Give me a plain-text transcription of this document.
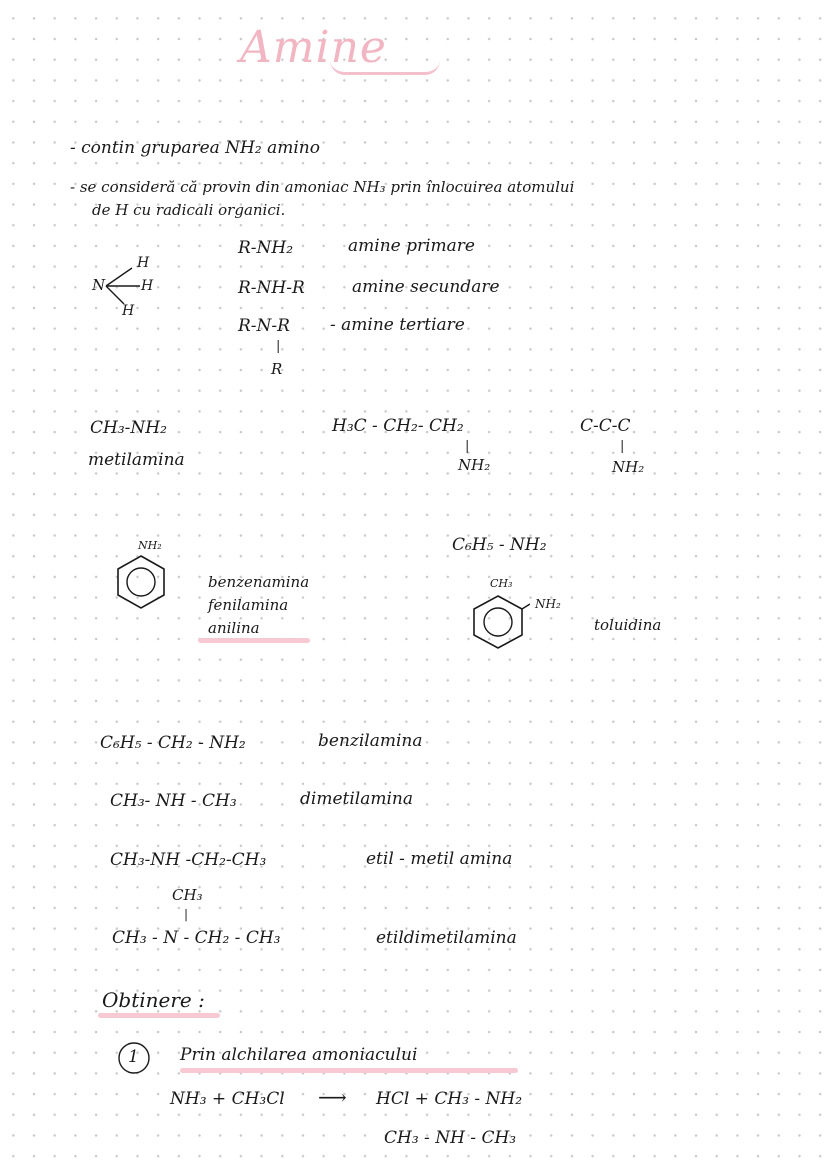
Amine
- contin gruparea NH₂ amino
- se consideră că provin din amoniac NH₃ prin înlocuirea atomului
de H cu radicali organici.
N
H
H
H
R-NH₂	amine primare
R-NH-R	amine secundare
R-N-R - amine tertiare
|
R
CH₃-NH₂
metilamina
H₃C - CH₂- CH₂
|
NH₂
C-C-C
|
NH₂
NH₂
benzenamina
fenilamina
anilina
C₆H₅ - NH₂
CH₃
NH₂
toluidina
C₆H₅ - CH₂ - NH₂	benzilamina
CH₃- NH - CH₃	dimetilamina
CH₃-NH -CH₂-CH₃	etil - metil amina
CH₃
|
CH₃ - N - CH₂ - CH₃	etildimetilamina
Obtinere :
1 Prin alchilarea amoniacului
NH₃ + CH₃Cl ⟶ HCl + CH₃ - NH₂
CH₃ - NH - CH₃
